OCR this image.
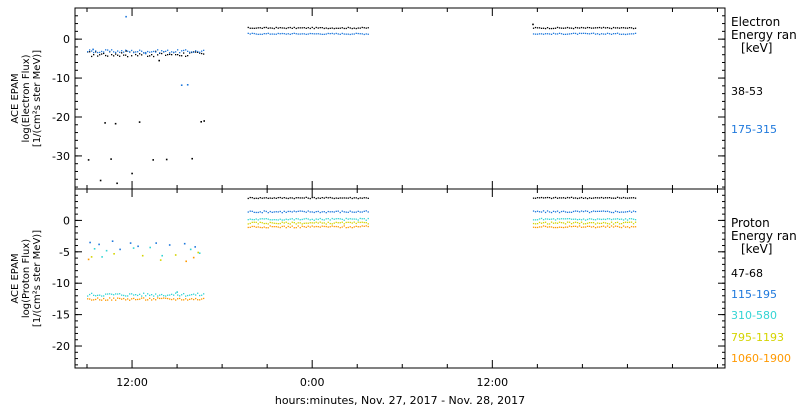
0
-10
-20
-30
ACE EPAM log(Electron Flux) [1/(cm²s ster MeV)]
Electron
Energy ran
[keV]
38-53
175-315
0
-5
-10
-15
-20
ACE EPAM log(Proton Flux) [1/(cm²s ster MeV)]
Proton
Energy ran
[keV]
47-68
115-195
310-580
795-1193
1060-1900
12:00	0:00	12:00
hours:minutes, Nov. 27, 2017 - Nov. 28, 2017
